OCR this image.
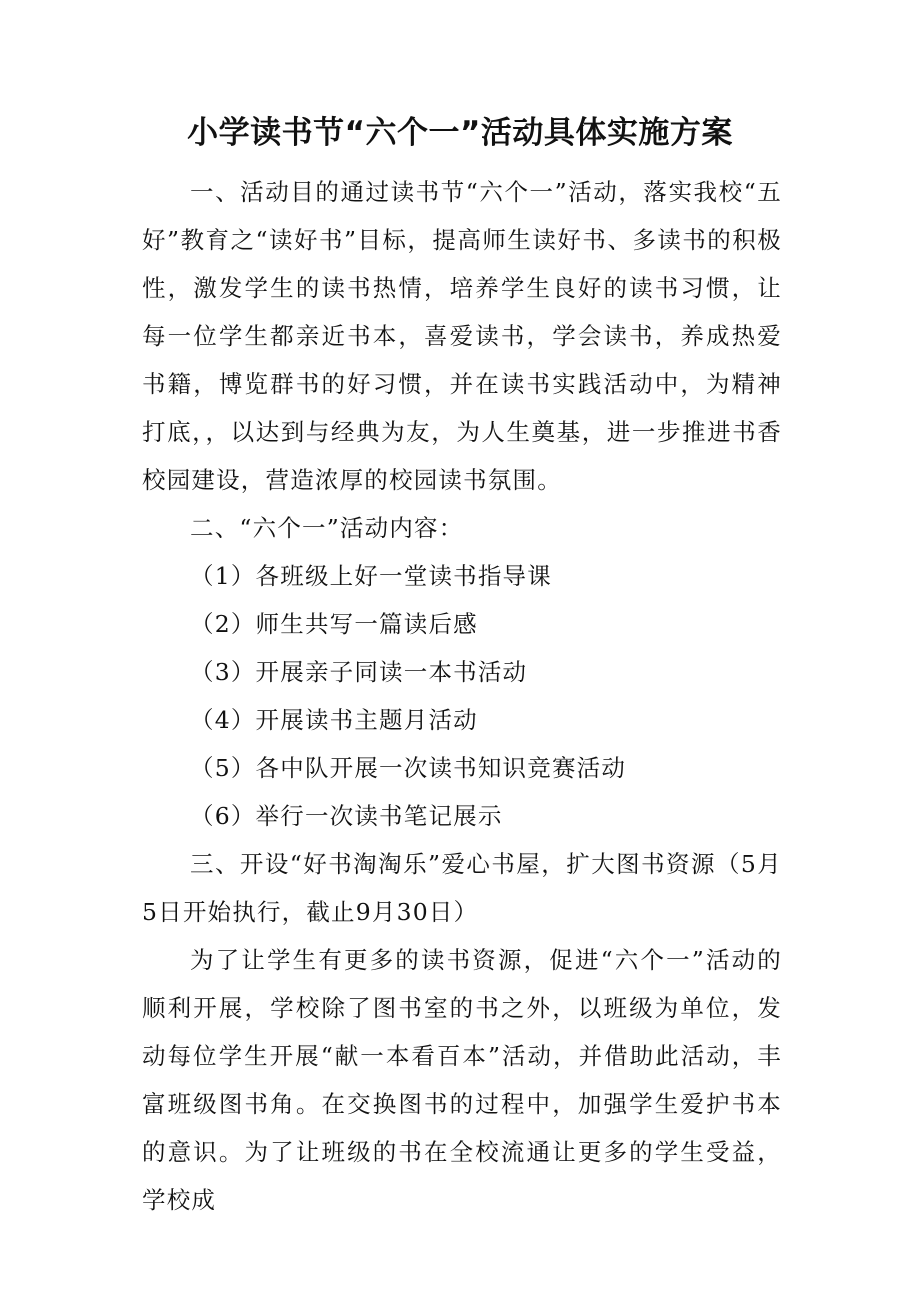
小学读书节“六个一”活动具体实施方案

一、活动目的通过读书节“六个一”活动，落实我校“五好”教育之“读好书”目标，提高师生读好书、多读书的积极性，激发学生的读书热情，培养学生良好的读书习惯，让每一位学生都亲近书本，喜爱读书，学会读书，养成热爱书籍，博览群书的好习惯，并在读书实践活动中，为精神打底，，以达到与经典为友，为人生奠基，进一步推进书香校园建设，营造浓厚的校园读书氛围。

二、“六个一”活动内容：

（1）各班级上好一堂读书指导课

（2）师生共写一篇读后感

（3）开展亲子同读一本书活动

（4）开展读书主题月活动

（5）各中队开展一次读书知识竞赛活动

（6）举行一次读书笔记展示

三、开设“好书淘淘乐”爱心书屋，扩大图书资源（5月5日开始执行，截止9月30日）

为了让学生有更多的读书资源，促进“六个一”活动的顺利开展，学校除了图书室的书之外，以班级为单位，发动每位学生开展“献一本看百本”活动，并借助此活动，丰富班级图书角。在交换图书的过程中，加强学生爱护书本的意识。为了让班级的书在全校流通让更多的学生受益，学校成
